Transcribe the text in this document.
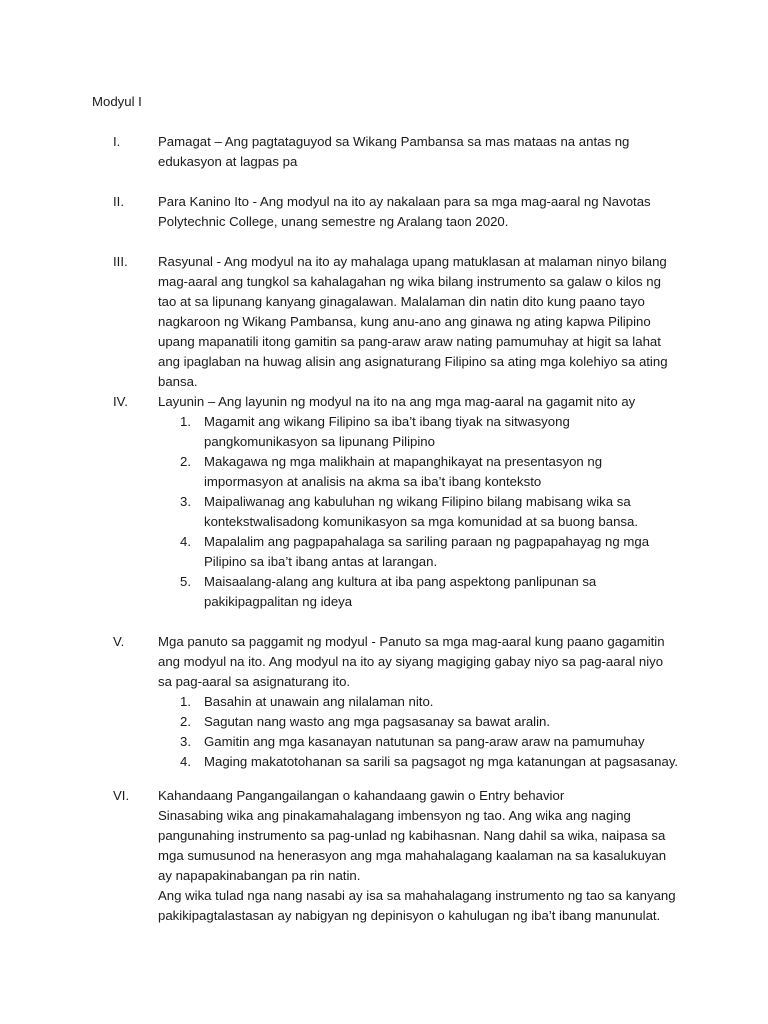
Modyul I
I.	Pamagat – Ang pagtataguyod sa Wikang Pambansa sa mas mataas na antas ng edukasyon at lagpas pa

II.	Para Kanino Ito - Ang modyul na ito ay nakalaan para sa mga mag-aaral ng Navotas Polytechnic College, unang semestre ng Aralang taon 2020.

III. Rasyunal - Ang modyul na ito ay mahalaga upang matuklasan at malaman ninyo bilang mag-aaral ang tungkol sa kahalagahan ng wika bilang instrumento sa galaw o kilos ng tao at sa lipunang kanyang ginagalawan. Malalaman din natin dito kung paano tayo nagkaroon ng Wikang Pambansa, kung anu-ano ang ginawa ng ating kapwa Pilipino upang mapanatili itong gamitin sa pang-araw araw nating pamumuhay at higit sa lahat ang ipaglaban na huwag alisin ang asignaturang Filipino sa ating mga kolehiyo sa ating bansa.

IV. Layunin – Ang layunin ng modyul na ito na ang mga mag-aaral na gagamit nito ay

1. Magamit ang wikang Filipino sa iba’t ibang tiyak na sitwasyong pangkomunikasyon sa lipunang Pilipino
2. Makagawa ng mga malikhain at mapanghikayat na presentasyon ng impormasyon at analisis na akma sa iba’t ibang konteksto
3. Maipaliwanag ang kabuluhan ng wikang Filipino bilang mabisang wika sa kontekstwalisadong komunikasyon sa mga komunidad at sa buong bansa.
4. Mapalalim ang pagpapahalaga sa sariling paraan ng pagpapahayag ng mga Pilipino sa iba’t ibang antas at larangan.
5. Maisaalang-alang ang kultura at iba pang aspektong panlipunan sa pakikipagpalitan ng ideya
V.	Mga panuto sa paggamit ng modyul - Panuto sa mga mag-aaral kung paano gagamitin ang modyul na ito. Ang modyul na ito ay siyang magiging gabay niyo sa pag-aaral niyo sa pag-aaral sa asignaturang ito.

1. Basahin at unawain ang nilalaman nito.
2. Sagutan nang wasto ang mga pagsasanay sa bawat aralin.
3. Gamitin ang mga kasanayan natutunan sa pang-araw araw na pamumuhay
4. Maging makatotohanan sa sarili sa pagsagot ng mga katanungan at pagsasanay.
VI. Kahandaang Pangangailangan o kahandaang gawin o Entry behavior

Sinasabing wika ang pinakamahalagang imbensyon ng tao. Ang wika ang naging pangunahing instrumento sa pag-unlad ng kabihasnan. Nang dahil sa wika, naipasa sa mga sumusunod na henerasyon ang mga mahahalagang kaalaman na sa kasalukuyan ay napapakinabangan pa rin natin.

Ang wika tulad nga nang nasabi ay isa sa mahahalagang instrumento ng tao sa kanyang pakikipagtalastasan ay nabigyan ng depinisyon o kahulugan ng iba’t ibang manunulat.
